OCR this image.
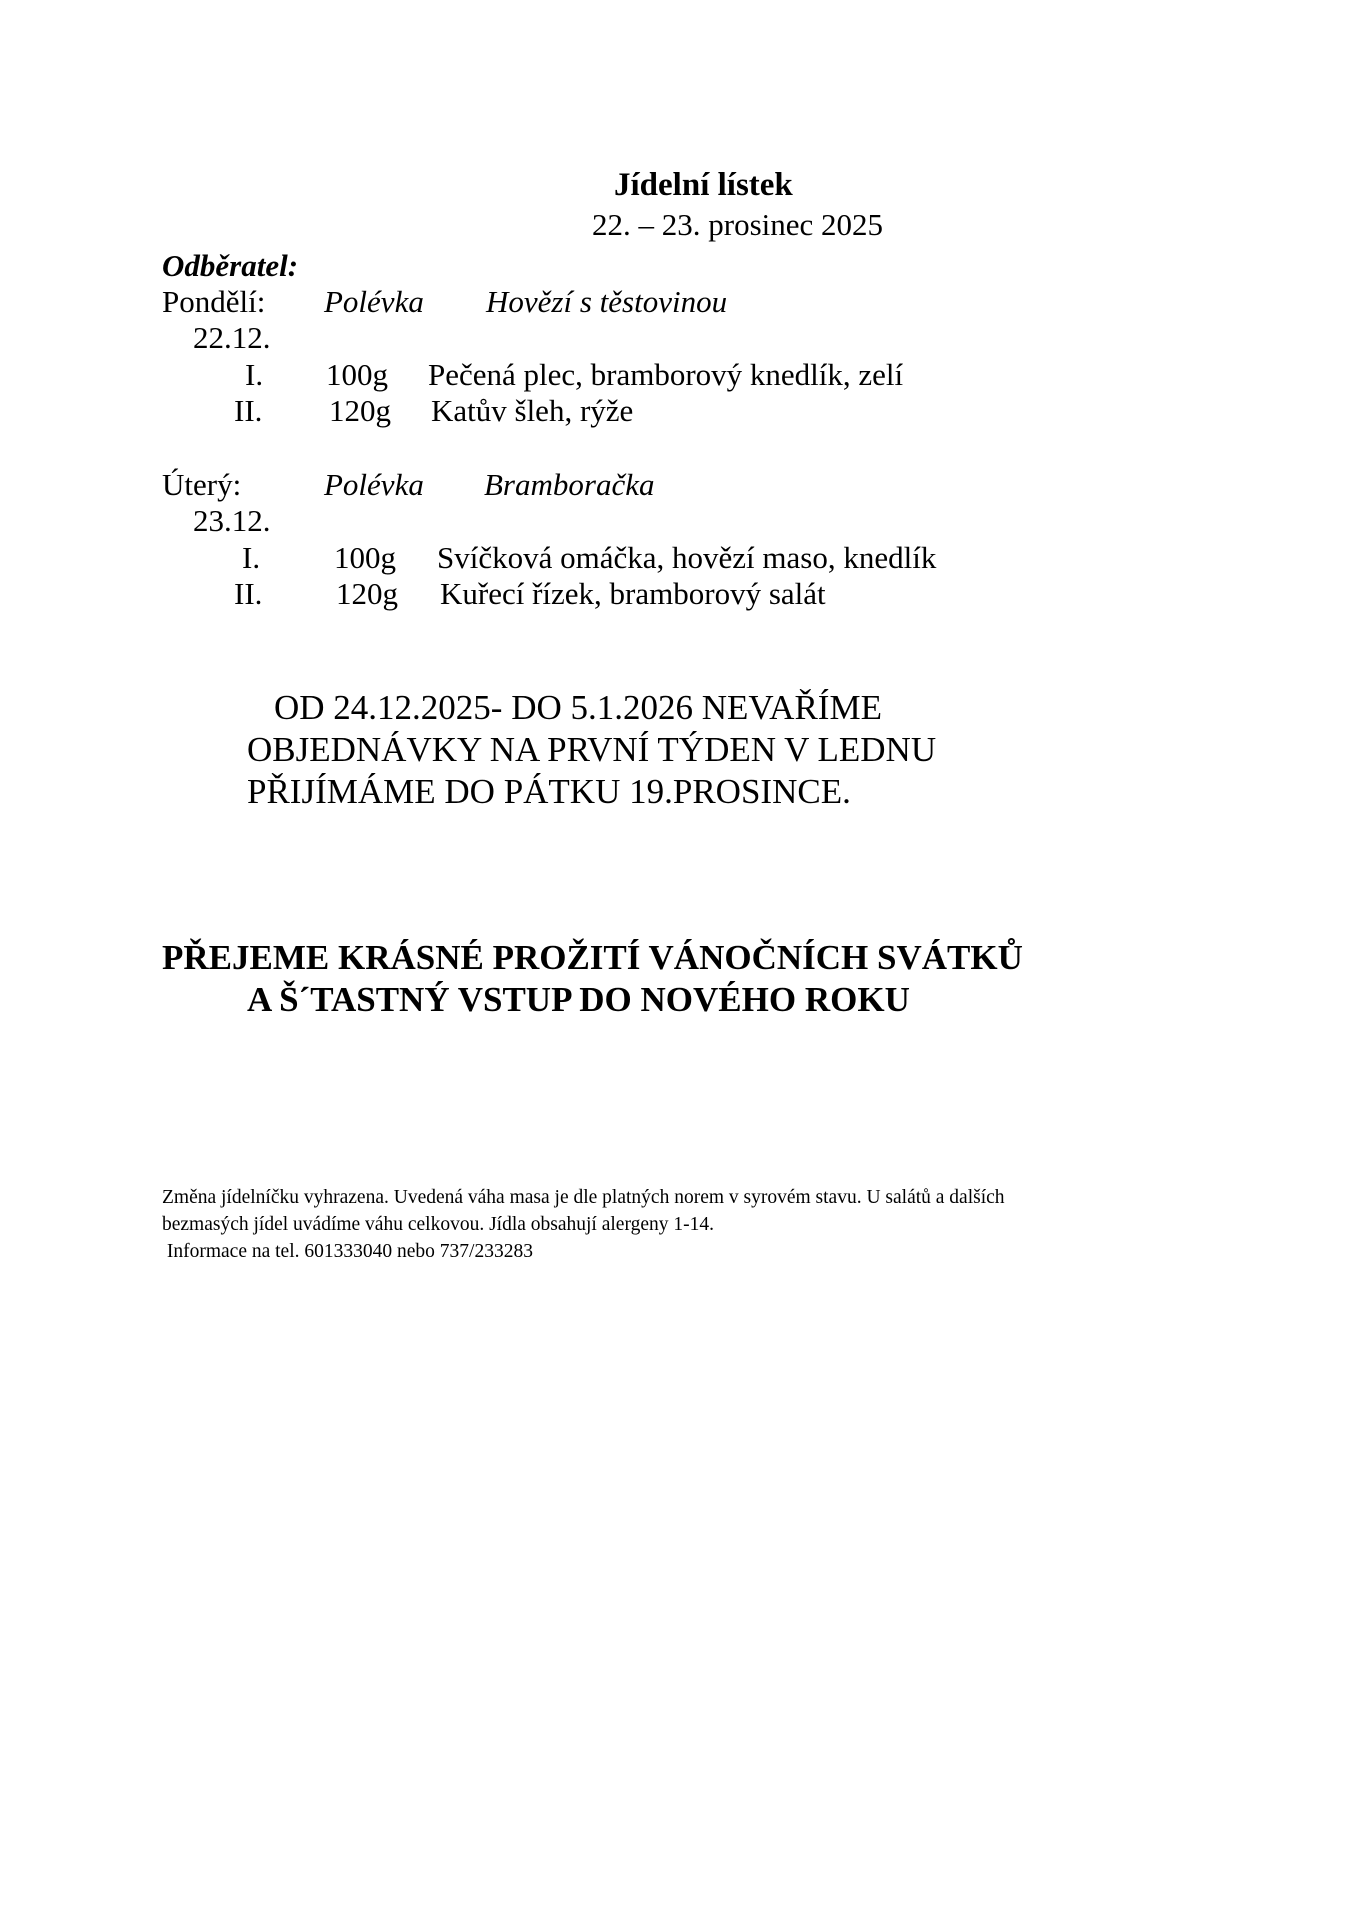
Jídelní lístek
22. – 23. prosinec 2025
Odběratel:
Pondělí: Polévka Hovězí s těstovinou
22.12.
I. 100g Pečená plec, bramborový knedlík, zelí
II. 120g Katův šleh, rýže
Úterý:	Polévka Bramboračka
23.12.
I. 100g Svíčková omáčka, hovězí maso, knedlík
II. 120g Kuřecí řízek, bramborový salát
OD 24.12.2025- DO 5.1.2026 NEVAŘÍME
OBJEDNÁVKY NA PRVNÍ TÝDEN V LEDNU
PŘIJÍMÁME DO PÁTKU 19.PROSINCE.
PŘEJEME KRÁSNÉ PROŽITÍ VÁNOČNÍCH SVÁTKŮ
A Š´TASTNÝ VSTUP DO NOVÉHO ROKU
Změna jídelníčku vyhrazena. Uvedená váha masa je dle platných norem v syrovém stavu. U salátů a dalších
bezmasých jídel uvádíme váhu celkovou. Jídla obsahují alergeny 1-14.
Informace na tel. 601333040 nebo 737/233283
